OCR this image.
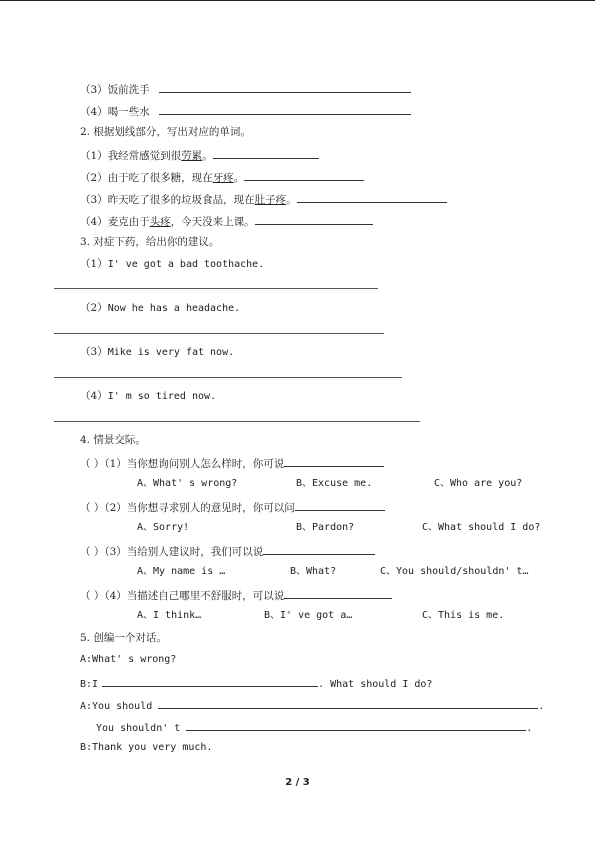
（3）饭前洗手
（4）喝一些水
2. 根据划线部分，写出对应的单词。
（1）我经常感觉到很劳累。
（2）由于吃了很多糖，现在牙疼。
（3）昨天吃了很多的垃圾食品，现在肚子疼。
（4）麦克由于头疼，今天没来上课。
3. 对症下药，给出你的建议。
（1）I' ve got a bad toothache.
（2）Now he has a headache.
（3）Mike is very fat now.
（4）I' m so tired now.
4. 情景交际。
（ ）（1）当你想询问别人怎么样时，你可说
A、What' s wrong?	B、Excuse me.	C、Who are you?
（ ）（2）当你想寻求别人的意见时，你可以问
A、Sorry!	B、Pardon?	C、What should I do?
（ ）（3）当给别人建议时，我们可以说
A、My name is …	B、What?	C、You should/shouldn' t…
（ ）（4）当描述自己哪里不舒服时，可以说
A、I think…	B、I' ve got a…	C、This is me.
5. 创编一个对话。
A:What' s wrong?
B:I	. What should I do?
A:You should	.
You shouldn' t	.
B:Thank you very much.
2 / 3
